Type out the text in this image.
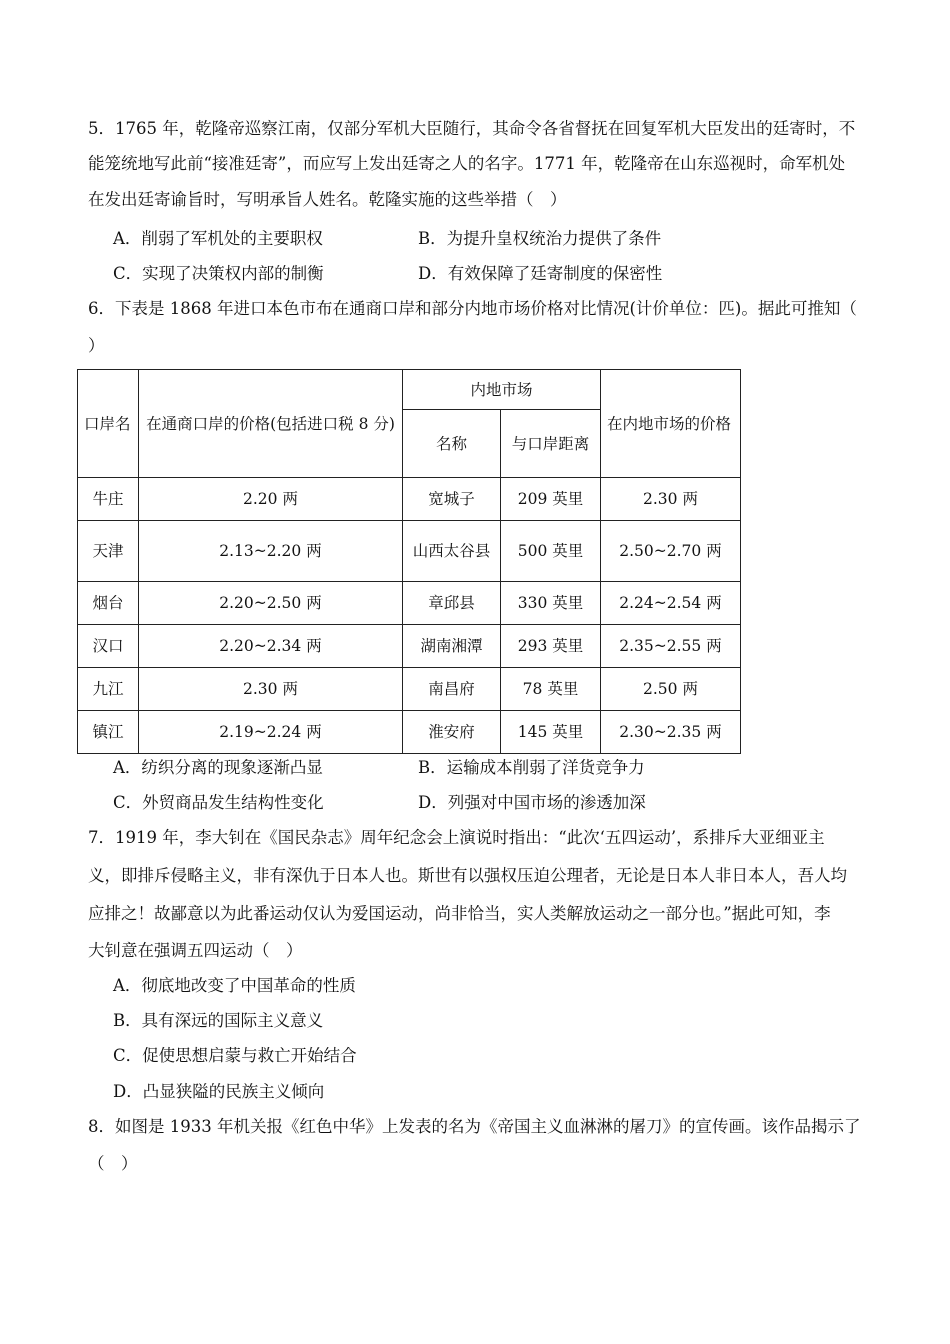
5．1765 年，乾隆帝巡察江南，仅部分军机大臣随行，其命令各省督抚在回复军机大臣发出的廷寄时，不
能笼统地写此前“接准廷寄”，而应写上发出廷寄之人的名字。1771 年，乾隆帝在山东巡视时，命军机处
在发出廷寄谕旨时，写明承旨人姓名。乾隆实施的这些举措（　）
A．削弱了军机处的主要职权	B．为提升皇权统治力提供了条件
C．实现了决策权内部的制衡	D．有效保障了廷寄制度的保密性
6．下表是 1868 年进口本色市布在通商口岸和部分内地市场价格对比情况(计价单位：匹)。据此可推知（
）
口岸名	在通商口岸的价格(包括进口税 8 分)	内地市场		在内地市场的价格
		名称	与口岸距离	
牛庄	2.20 两	宽城子	209 英里	2.30 两
天津	2.13~2.20 两	山西太谷县	500 英里	2.50~2.70 两
烟台	2.20~2.50 两	章邱县	330 英里	2.24~2.54 两
汉口	2.20~2.34 两	湖南湘潭	293 英里	2.35~2.55 两
九江	2.30 两	南昌府	78 英里	2.50 两
镇江	2.19~2.24 两	淮安府	145 英里	2.30~2.35 两
A．纺织分离的现象逐渐凸显	B．运输成本削弱了洋货竞争力
C．外贸商品发生结构性变化	D．列强对中国市场的渗透加深
7．1919 年，李大钊在《国民杂志》周年纪念会上演说时指出：“此次‘五四运动’，系排斥大亚细亚主
义，即排斥侵略主义，非有深仇于日本人也。斯世有以强权压迫公理者，无论是日本人非日本人，吾人均
应排之！故鄙意以为此番运动仅认为爱国运动，尚非恰当，实人类解放运动之一部分也。”据此可知，李
大钊意在强调五四运动（　）
A．彻底地改变了中国革命的性质
B．具有深远的国际主义意义
C．促使思想启蒙与救亡开始结合
D．凸显狭隘的民族主义倾向
8．如图是 1933 年机关报《红色中华》上发表的名为《帝国主义血淋淋的屠刀》的宣传画。该作品揭示了
（　）
